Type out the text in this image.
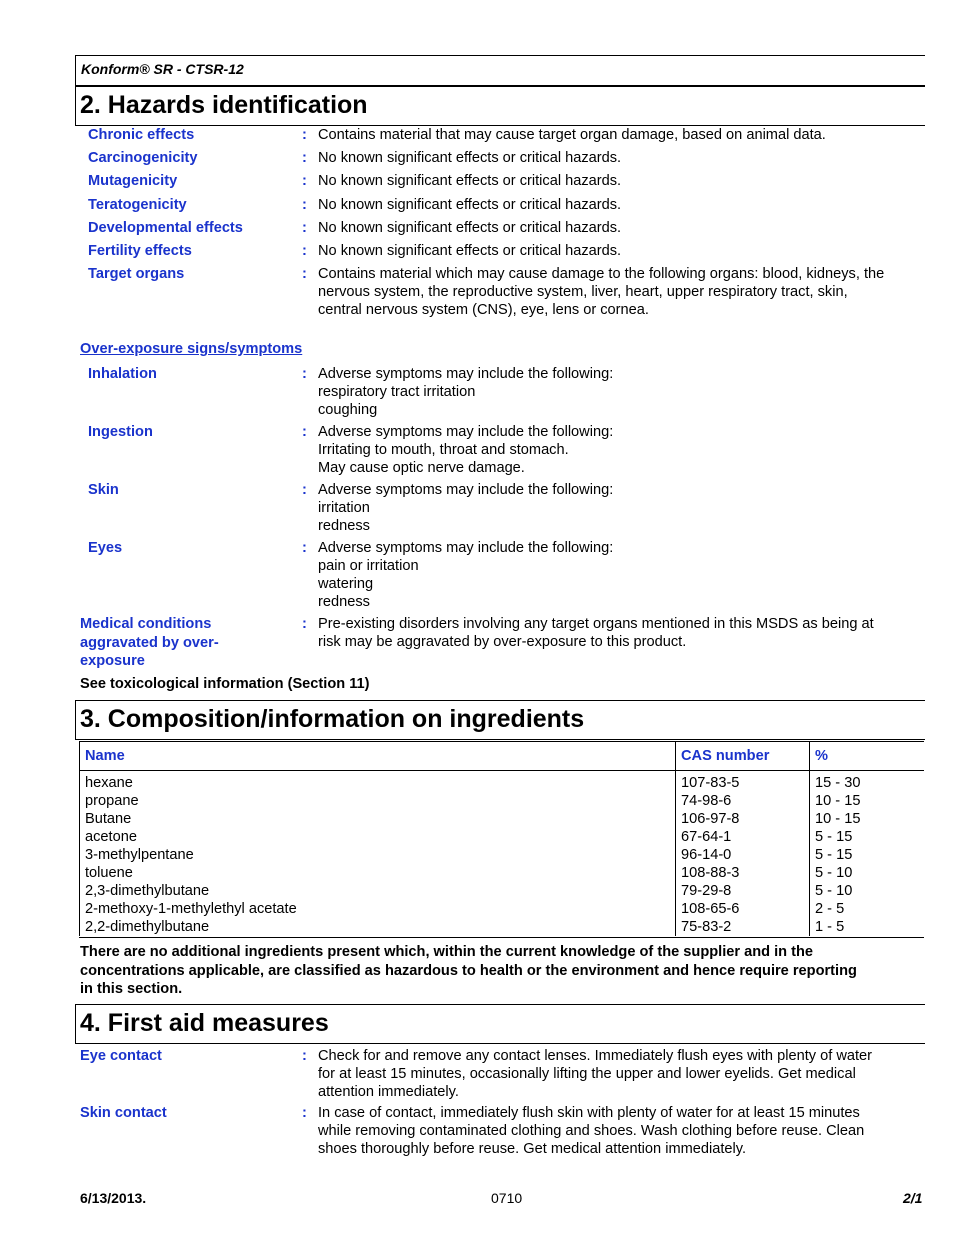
Konform® SR - CTSR-12
2. Hazards identification
Chronic effects	: Contains material that may cause target organ damage, based on animal data.
Carcinogenicity	: No known significant effects or critical hazards.
Mutagenicity	: No known significant effects or critical hazards.
Teratogenicity	: No known significant effects or critical hazards.
Developmental effects	: No known significant effects or critical hazards.
Fertility effects	: No known significant effects or critical hazards.
Target organs	: Contains material which may cause damage to the following organs: blood, kidneys, the
nervous system, the reproductive system, liver, heart, upper respiratory tract, skin,
central nervous system (CNS), eye, lens or cornea.
Over-exposure signs/symptoms
Inhalation	: Adverse symptoms may include the following:
respiratory tract irritation
coughing
Ingestion	: Adverse symptoms may include the following:
Irritating to mouth, throat and stomach.
May cause optic nerve damage.
Skin	: Adverse symptoms may include the following:
irritation
redness
Eyes	: Adverse symptoms may include the following:
pain or irritation
watering
redness
Medical conditions
aggravated by over-
exposure
: Pre-existing disorders involving any target organs mentioned in this MSDS as being at
risk may be aggravated by over-exposure to this product.
See toxicological information (Section 11)
3. Composition/information on ingredients
Name	CAS number	%
hexane	107-83-5	15 - 30
propane	74-98-6	10 - 15
Butane	106-97-8	10 - 15
acetone	67-64-1	5 - 15
3-methylpentane	96-14-0	5 - 15
toluene	108-88-3	5 - 10
2,3-dimethylbutane	79-29-8	5 - 10
2-methoxy-1-methylethyl acetate	108-65-6	2 - 5
2,2-dimethylbutane	75-83-2	1 - 5
There are no additional ingredients present which, within the current knowledge of the supplier and in the
concentrations applicable, are classified as hazardous to health or the environment and hence require reporting
in this section.
4. First aid measures
Eye contact	: Check for and remove any contact lenses. Immediately flush eyes with plenty of water
for at least 15 minutes, occasionally lifting the upper and lower eyelids. Get medical
attention immediately.
Skin contact	: In case of contact, immediately flush skin with plenty of water for at least 15 minutes
while removing contaminated clothing and shoes. Wash clothing before reuse. Clean
shoes thoroughly before reuse. Get medical attention immediately.
6/13/2013.	0710	2/1
